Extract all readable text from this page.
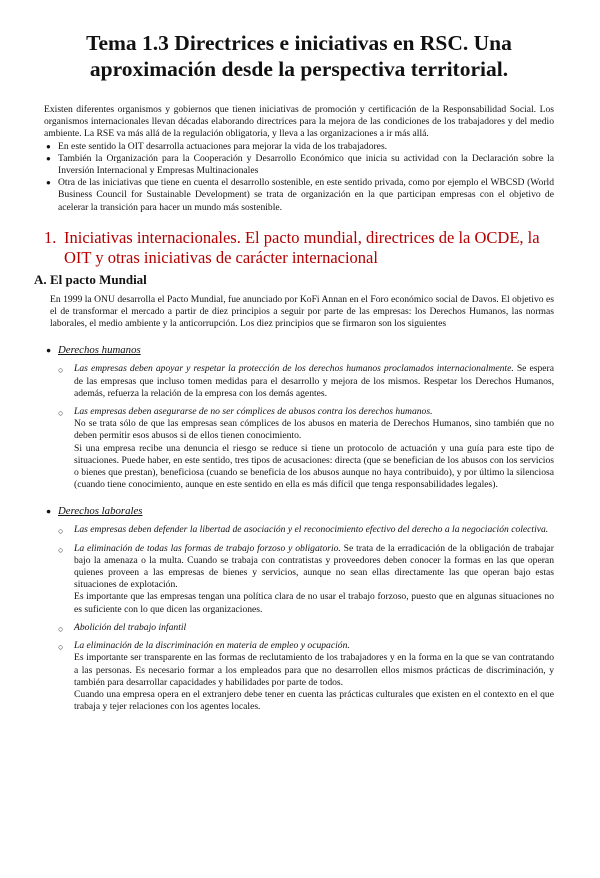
Tema 1.3 Directrices e iniciativas en RSC. Una aproximación desde la perspectiva territorial.
Existen diferentes organismos y gobiernos que tienen iniciativas de promoción y certificación de la Responsabilidad Social. Los organismos internacionales llevan décadas elaborando directrices para la mejora de las condiciones de los trabajadores y del medio ambiente. La RSE va más allá de la regulación obligatoria, y lleva a las organizaciones a ir más allá.
● En este sentido la OIT desarrolla actuaciones para mejorar la vida de los trabajadores.
● También la Organización para la Cooperación y Desarrollo Económico que inicia su actividad con la Declaración sobre la Inversión Internacional y Empresas Multinacionales
● Otra de las iniciativas que tiene en cuenta el desarrollo sostenible, en este sentido privada, como por ejemplo el WBCSD (World Business Council for Sustainable Development) se trata de organización en la que participan empresas con el objetivo de acelerar la transición para hacer un mundo más sostenible.
1. Iniciativas internacionales. El pacto mundial, directrices de la OCDE, la OIT y otras iniciativas de carácter internacional
A. El pacto Mundial
En 1999 la ONU desarrolla el Pacto Mundial, fue anunciado por KoFi Annan en el Foro económico social de Davos. El objetivo es el de transformar el mercado a partir de diez principios a seguir por parte de las empresas: los Derechos Humanos, las normas laborales, el medio ambiente y la anticorrupción. Los diez principios que se firmaron son los siguientes
● Derechos humanos
○ Las empresas deben apoyar y respetar la protección de los derechos humanos proclamados internacionalmente. Se espera de las empresas que incluso tomen medidas para el desarrollo y mejora de los mismos. Respetar los Derechos Humanos, además, refuerza la relación de la empresa con los demás agentes.
○ Las empresas deben asegurarse de no ser cómplices de abusos contra los derechos humanos.
No se trata sólo de que las empresas sean cómplices de los abusos en materia de Derechos Humanos, sino también que no deben permitir esos abusos si de ellos tienen conocimiento.
Si una empresa recibe una denuncia el riesgo se reduce si tiene un protocolo de actuación y una guía para este tipo de situaciones. Puede haber, en este sentido, tres tipos de acusaciones: directa (que se benefician de los abusos con los servicios o bienes que prestan), beneficiosa (cuando se beneficia de los abusos aunque no haya contribuido), y por último la silenciosa (cuando tiene conocimiento, aunque en este sentido en ella es más difícil que tenga responsabilidades legales).
● Derechos laborales
○ Las empresas deben defender la libertad de asociación y el reconocimiento efectivo del derecho a la negociación colectiva.
○ La eliminación de todas las formas de trabajo forzoso y obligatorio. Se trata de la erradicación de la obligación de trabajar bajo la amenaza o la multa. Cuando se trabaja con contratistas y proveedores deben conocer la formas en las que operan quienes proveen a las empresas de bienes y servicios, aunque no sean ellas directamente las que operan bajo estas situaciones de explotación.
Es importante que las empresas tengan una política clara de no usar el trabajo forzoso, puesto que en algunas situaciones no es suficiente con lo que dicen las organizaciones.
○ Abolición del trabajo infantil
○ La eliminación de la discriminación en materia de empleo y ocupación.
Es importante ser transparente en las formas de reclutamiento de los trabajadores y en la forma en la que se van contratando a las personas. Es necesario formar a los empleados para que no desarrollen ellos mismos prácticas de discriminación, y también para desarrollar capacidades y habilidades por parte de todos.
Cuando una empresa opera en el extranjero debe tener en cuenta las prácticas culturales que existen en el contexto en el que trabaja y tejer relaciones con los agentes locales.
